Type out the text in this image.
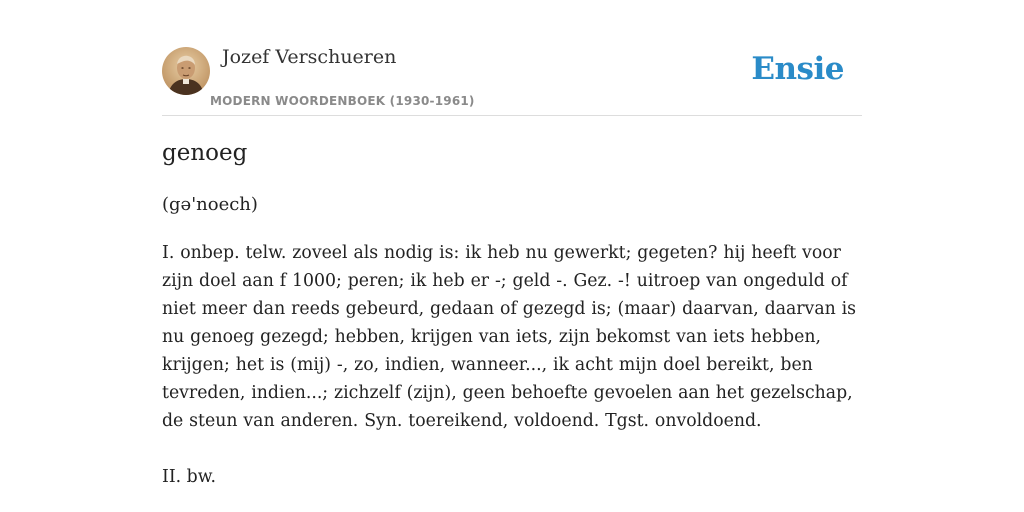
Jozef Verschueren
MODERN WOORDENBOEK (1930-1961)
Ensie
genoeg
(gə'noech)

I. onbep. telw. zoveel als nodig is: ik heb nu gewerkt; gegeten? hij heeft voor zijn doel aan f 1000; peren; ik heb er -; geld -. Gez. -! uitroep van ongeduld of niet meer dan reeds gebeurd, gedaan of gezegd is; (maar) daarvan, daarvan is nu genoeg gezegd; hebben, krijgen van iets, zijn bekomst van iets hebben, krijgen; het is (mij) -, zo, indien, wanneer..., ik acht mijn doel bereikt, ben tevreden, indien...; zichzelf (zijn), geen behoefte gevoelen aan het gezelschap, de steun van anderen. Syn. toereikend, voldoend. Tgst. onvoldoend.

II. bw.
